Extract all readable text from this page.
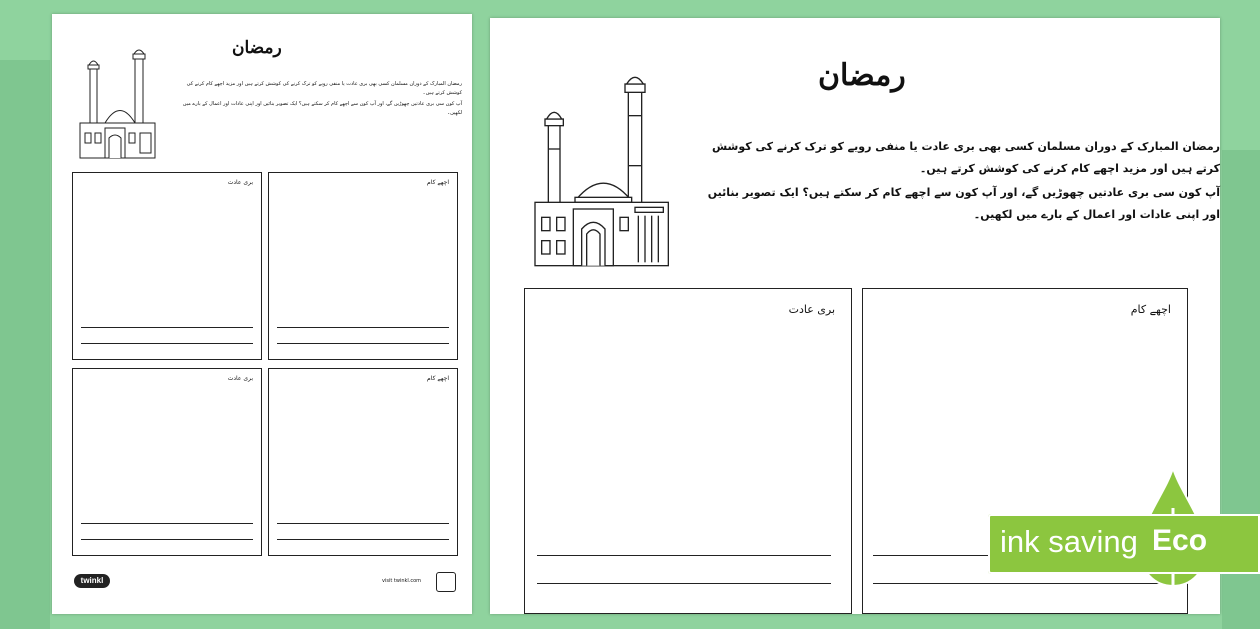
رمضان

رمضان المبارک کے دوران مسلمان کسی بھی بری عادت یا منفی رویے کو ترک کرنے کی کوشش کرتے ہیں اور مزید اچھے کام کرنے کی کوشش کرتے ہیں۔

آپ کون سی بری عادتیں چھوڑیں گے، اور آپ کون سے اچھے کام کر سکتے ہیں؟ ایک تصویر بنائیں اور اپنی عادات اور اعمال کے بارے میں لکھیں۔

بری عادت	اچھے کام
بری عادت	اچھے کام
twinkl	visit twinkl.com
رمضان

رمضان المبارک کے دوران مسلمان کسی بھی بری عادت یا منفی رویے کو ترک کرنے کی کوشش کرتے ہیں اور مزید اچھے کام کرنے کی کوشش کرتے ہیں۔

آپ کون سی بری عادتیں چھوڑیں گے، اور آپ کون سے اچھے کام کر سکتے ہیں؟ ایک تصویر بنائیں اور اپنی عادات اور اعمال کے بارے میں لکھیں۔

بری عادت	اچھے کام
ink saving Eco
